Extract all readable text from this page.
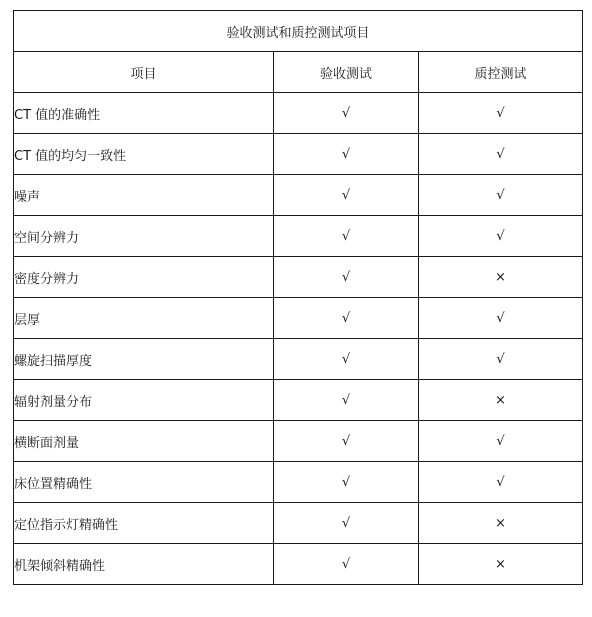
验收测试和质控测试项目		
项目	验收测试	质控测试
CT 值的准确性	√	√
CT 值的均匀一致性	√	√
噪声	√	√
空间分辨力	√	√
密度分辨力	√	×
层厚	√	√
螺旋扫描厚度	√	√
辐射剂量分布	√	×
横断面剂量	√	√
床位置精确性	√	√
定位指示灯精确性	√	×
机架倾斜精确性	√	×
